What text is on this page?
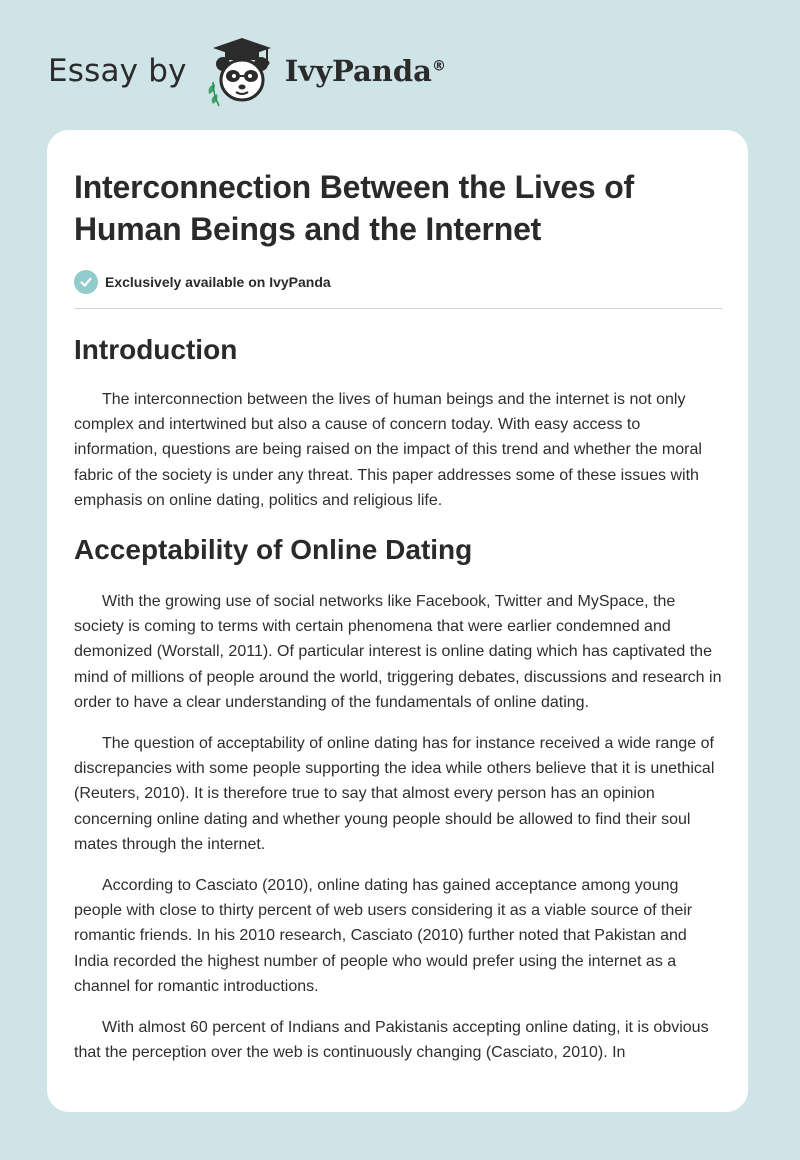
Essay by	IvyPanda®
Interconnection Between the Lives of Human Beings and the Internet
Exclusively available on IvyPanda
Introduction

The interconnection between the lives of human beings and the internet is not only complex and intertwined but also a cause of concern today. With easy access to information, questions are being raised on the impact of this trend and whether the moral fabric of the society is under any threat. This paper addresses some of these issues with emphasis on online dating, politics and religious life.

Acceptability of Online Dating

With the growing use of social networks like Facebook, Twitter and MySpace, the society is coming to terms with certain phenomena that were earlier condemned and demonized (Worstall, 2011). Of particular interest is online dating which has captivated the mind of millions of people around the world, triggering debates, discussions and research in order to have a clear understanding of the fundamentals of online dating.

The question of acceptability of online dating has for instance received a wide range of discrepancies with some people supporting the idea while others believe that it is unethical (Reuters, 2010). It is therefore true to say that almost every person has an opinion concerning online dating and whether young people should be allowed to find their soul mates through the internet.

According to Casciato (2010), online dating has gained acceptance among young people with close to thirty percent of web users considering it as a viable source of their romantic friends. In his 2010 research, Casciato (2010) further noted that Pakistan and India recorded the highest number of people who would prefer using the internet as a channel for romantic introductions.

With almost 60 percent of Indians and Pakistanis accepting online dating, it is obvious that the perception over the web is continuously changing (Casciato, 2010). In
